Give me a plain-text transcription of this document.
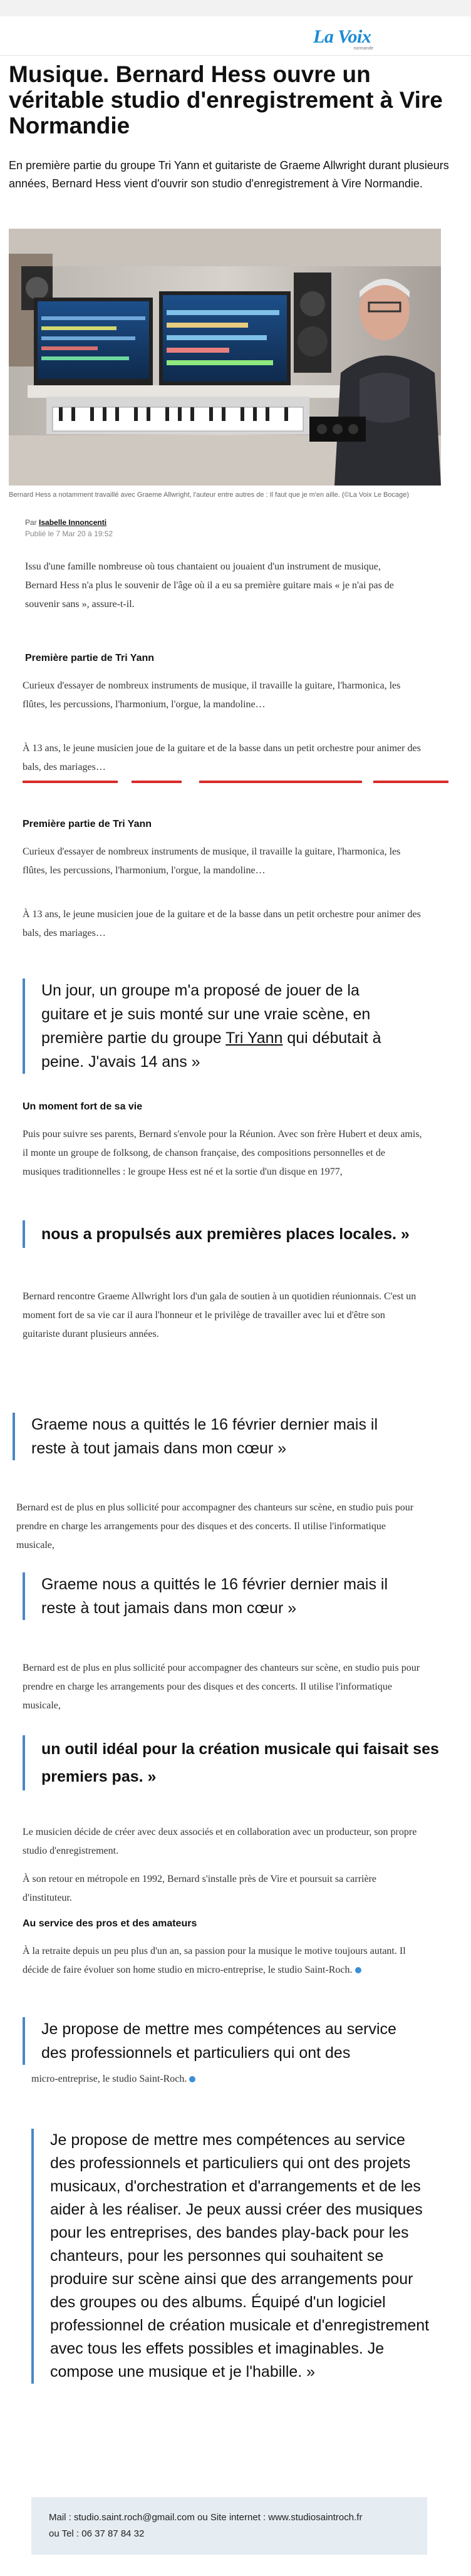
La Voix
normande
Musique. Bernard Hess ouvre un
véritable studio d'enregistrement à Vire
Normandie
En première partie du groupe Tri Yann et guitariste de Graeme Allwright durant plusieurs années, Bernard Hess vient d'ouvrir son studio d'enregistrement à Vire Normandie.
Bernard Hess a notamment travaillé avec Graeme Allwright, l'auteur entre autres de : Il faut que je m'en aille. (©La Voix Le Bocage)
Par Isabelle Innoncenti
Publié le 7 Mar 20 à 19:52
Issu d'une famille nombreuse où tous chantaient ou jouaient d'un instrument de musique, Bernard Hess n'a plus le souvenir de l'âge où il a eu sa première guitare mais « je n'ai pas de souvenir sans », assure-t-il.
Première partie de Tri Yann
Curieux d'essayer de nombreux instruments de musique, il travaille la guitare, l'harmonica, les flûtes, les percussions, l'harmonium, l'orgue, la mandoline…
À 13 ans, le jeune musicien joue de la guitare et de la basse dans un petit orchestre pour animer des bals, des mariages…
Première partie de Tri Yann
Curieux d'essayer de nombreux instruments de musique, il travaille la guitare, l'harmonica, les flûtes, les percussions, l'harmonium, l'orgue, la mandoline…
À 13 ans, le jeune musicien joue de la guitare et de la basse dans un petit orchestre pour animer des bals, des mariages…
Un jour, un groupe m'a proposé de jouer de la guitare et je suis monté sur une vraie scène, en première partie du groupe Tri Yann qui débutait à peine. J'avais 14 ans »
Un moment fort de sa vie
Puis pour suivre ses parents, Bernard s'envole pour la Réunion. Avec son frère Hubert et deux amis, il monte un groupe de folksong, de chanson française, des compositions personnelles et de musiques traditionnelles : le groupe Hess est né et la sortie d'un disque en 1977,
nous a propulsés aux premières places locales. »
Bernard rencontre Graeme Allwright lors d'un gala de soutien à un quotidien réunionnais. C'est un moment fort de sa vie car il aura l'honneur et le privilège de travailler avec lui et d'être son guitariste durant plusieurs années.
Graeme nous a quittés le 16 février dernier mais il reste à tout jamais dans mon cœur »
Bernard est de plus en plus sollicité pour accompagner des chanteurs sur scène, en studio puis pour prendre en charge les arrangements pour des disques et des concerts. Il utilise l'informatique musicale,
Graeme nous a quittés le 16 février dernier mais il reste à tout jamais dans mon cœur »
Bernard est de plus en plus sollicité pour accompagner des chanteurs sur scène, en studio puis pour prendre en charge les arrangements pour des disques et des concerts. Il utilise l'informatique musicale,
un outil idéal pour la création musicale qui faisait ses premiers pas. »
Le musicien décide de créer avec deux associés et en collaboration avec un producteur, son propre studio d'enregistrement.
À son retour en métropole en 1992, Bernard s'installe près de Vire et poursuit sa carrière d'instituteur.
Au service des pros et des amateurs
À la retraite depuis un peu plus d'un an, sa passion pour la musique le motive toujours autant. Il décide de faire évoluer son home studio en micro-entreprise, le studio Saint-Roch.
Je propose de mettre mes compétences au service des professionnels et particuliers qui ont des
micro-entreprise, le studio Saint-Roch.
Je propose de mettre mes compétences au service des professionnels et particuliers qui ont des projets musicaux, d'orchestration et d'arrangements et de les aider à les réaliser. Je peux aussi créer des musiques pour les entreprises, des bandes play-back pour les chanteurs, pour les personnes qui souhaitent se produire sur scène ainsi que des arrangements pour des groupes ou des albums. Équipé d'un logiciel professionnel de création musicale et d'enregistrement avec tous les effets possibles et imaginables. Je compose une musique et je l'habille. »
Mail : studio.saint.roch@gmail.com ou Site internet : www.studiosaintroch.fr
ou Tel : 06 37 87 84 32
